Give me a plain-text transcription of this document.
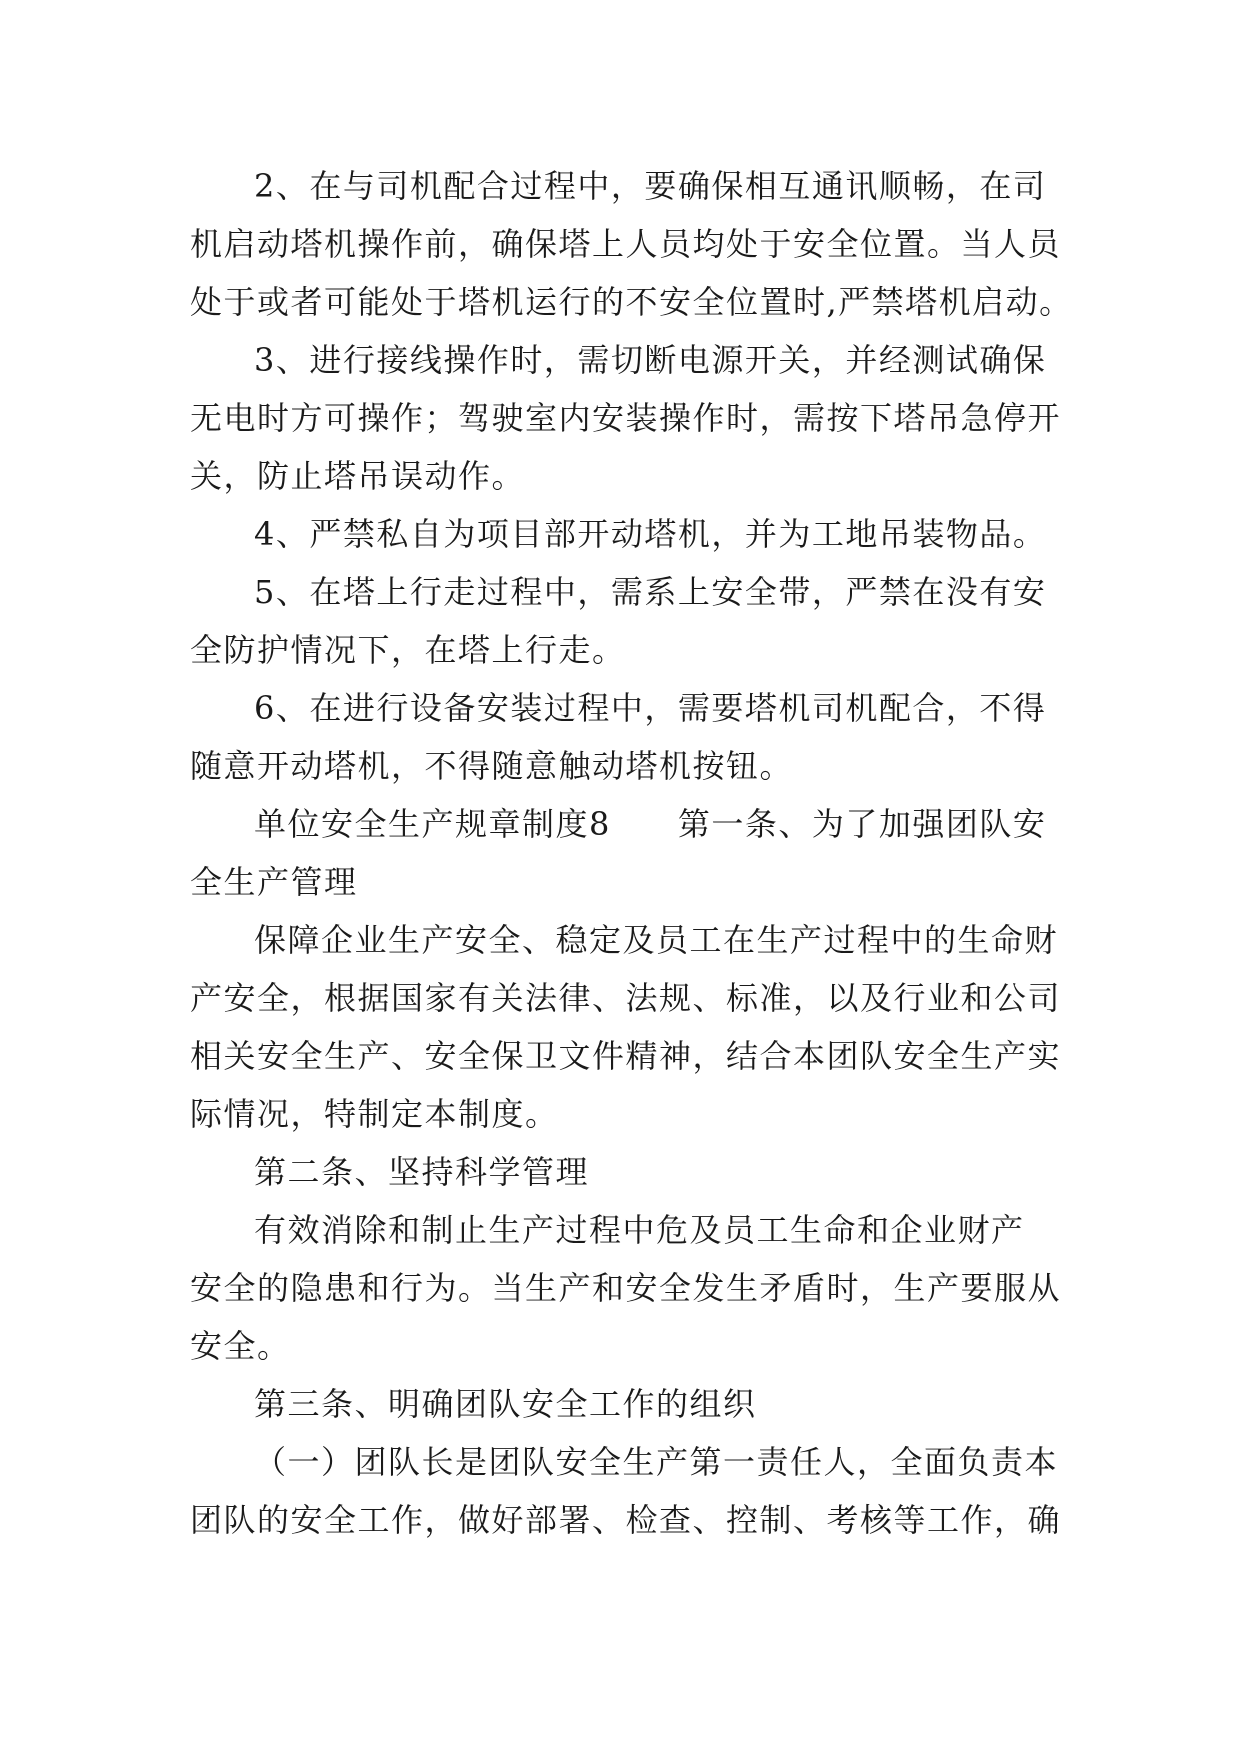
2、在与司机配合过程中，要确保相互通讯顺畅，在司
机启动塔机操作前，确保塔上人员均处于安全位置。当人员
处于或者可能处于塔机运行的不安全位置时,严禁塔机启动。
3、进行接线操作时，需切断电源开关，并经测试确保
无电时方可操作；驾驶室内安装操作时，需按下塔吊急停开
关，防止塔吊误动作。
4、严禁私自为项目部开动塔机，并为工地吊装物品。
5、在塔上行走过程中，需系上安全带，严禁在没有安
全防护情况下，在塔上行走。
6、在进行设备安装过程中，需要塔机司机配合，不得
随意开动塔机，不得随意触动塔机按钮。
单位安全生产规章制度8　　第一条、为了加强团队安
全生产管理
保障企业生产安全、稳定及员工在生产过程中的生命财
产安全，根据国家有关法律、法规、标准，以及行业和公司
相关安全生产、安全保卫文件精神，结合本团队安全生产实
际情况，特制定本制度。
第二条、坚持科学管理
有效消除和制止生产过程中危及员工生命和企业财产
安全的隐患和行为。当生产和安全发生矛盾时，生产要服从
安全。
第三条、明确团队安全工作的组织
（一）团队长是团队安全生产第一责任人，全面负责本
团队的安全工作，做好部署、检查、控制、考核等工作，确
